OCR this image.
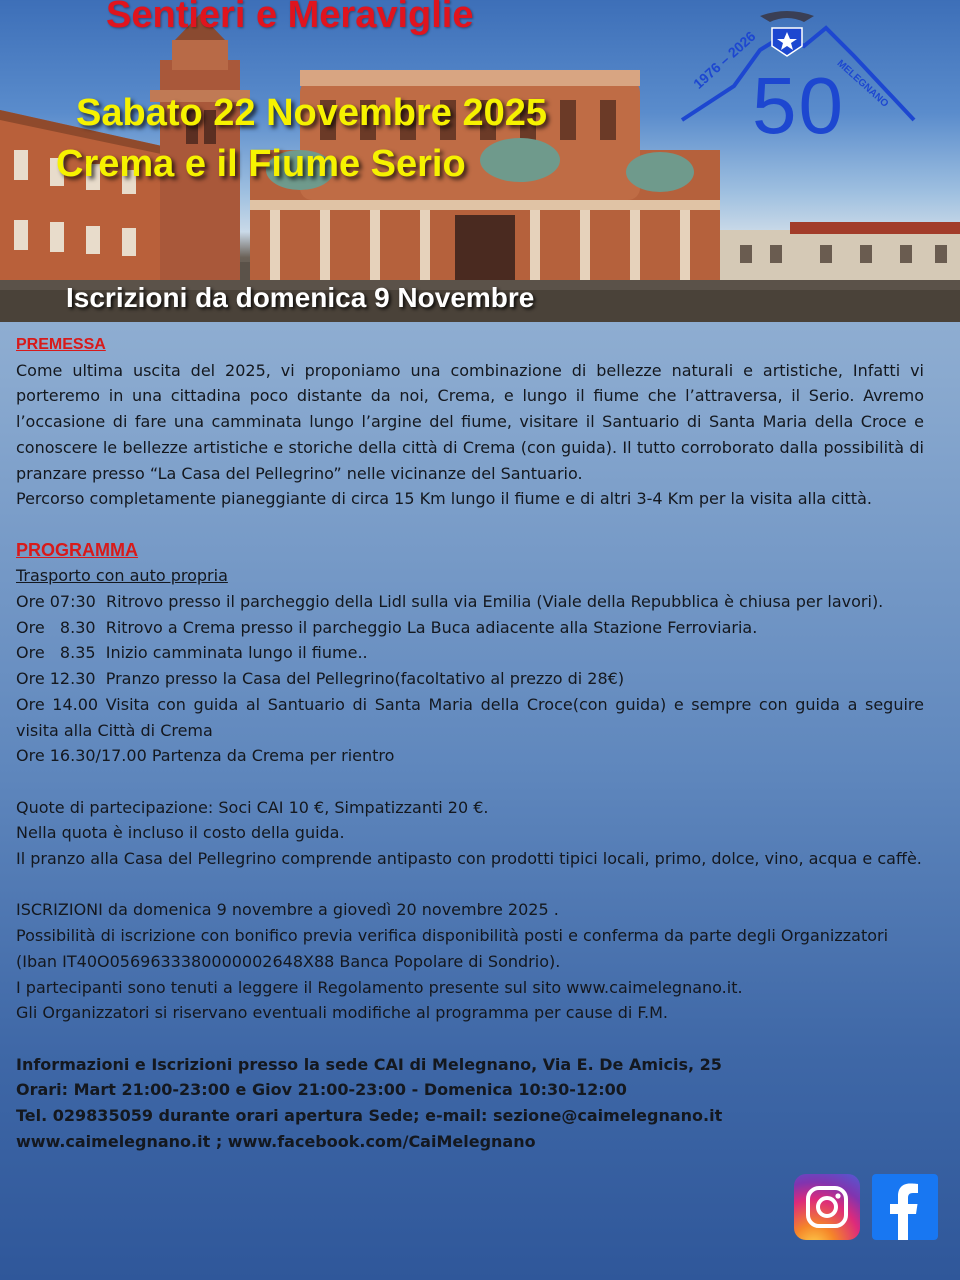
Sentieri e Meraviglie
Sabato 22 Novembre 2025
Crema e il Fiume Serio
Iscrizioni da domenica 9 Novembre

50

1976 – 2026	MELEGNANO

PREMESSA

Come ultima uscita del 2025, vi proponiamo una combinazione di bellezze naturali e artistiche, Infatti vi porteremo in una cittadina poco distante da noi, Crema, e lungo il fiume che l’attraversa, il Serio. Avremo l’occasione di fare una camminata lungo l’argine del fiume, visitare il Santuario di Santa Maria della Croce e conoscere le bellezze artistiche e storiche della città di Crema (con guida). Il tutto corroborato dalla possibilità di pranzare presso “La Casa del Pellegrino” nelle vicinanze del Santuario.

Percorso completamente pianeggiante di circa 15 Km lungo il fiume e di altri 3-4 Km per la visita alla città.

PROGRAMMA

Trasporto con auto propria

Ore 07:30  Ritrovo presso il parcheggio della Lidl sulla via Emilia (Viale della Repubblica è chiusa per lavori).

Ore   8.30  Ritrovo a Crema presso il parcheggio La Buca adiacente alla Stazione Ferroviaria.

Ore   8.35  Inizio camminata lungo il fiume..

Ore 12.30  Pranzo presso la Casa del Pellegrino(facoltativo al prezzo di 28€)

Ore 14.00 Visita con guida al Santuario di Santa Maria della Croce(con guida) e sempre con guida a seguire visita alla Città di Crema

Ore 16.30/17.00 Partenza da Crema per rientro

Quote di partecipazione: Soci CAI 10 €, Simpatizzanti 20 €.

Nella quota è incluso il costo della guida.

Il pranzo alla Casa del Pellegrino comprende antipasto con prodotti tipici locali, primo, dolce, vino, acqua e caffè.

ISCRIZIONI da domenica 9 novembre a giovedì 20 novembre 2025 .

Possibilità di iscrizione con bonifico previa verifica disponibilità posti e conferma da parte degli Organizzatori (Iban IT40O0569633380000002648X88 Banca Popolare di Sondrio).

I partecipanti sono tenuti a leggere il Regolamento presente sul sito www.caimelegnano.it.

Gli Organizzatori si riservano eventuali modifiche al programma per cause di F.M.

Informazioni e Iscrizioni presso la sede CAI di Melegnano, Via E. De Amicis, 25

Orari: Mart 21:00-23:00 e Giov 21:00-23:00 - Domenica 10:30-12:00

Tel. 029835059 durante orari apertura Sede; e-mail: sezione@caimelegnano.it

www.caimelegnano.it ; www.facebook.com/CaiMelegnano
